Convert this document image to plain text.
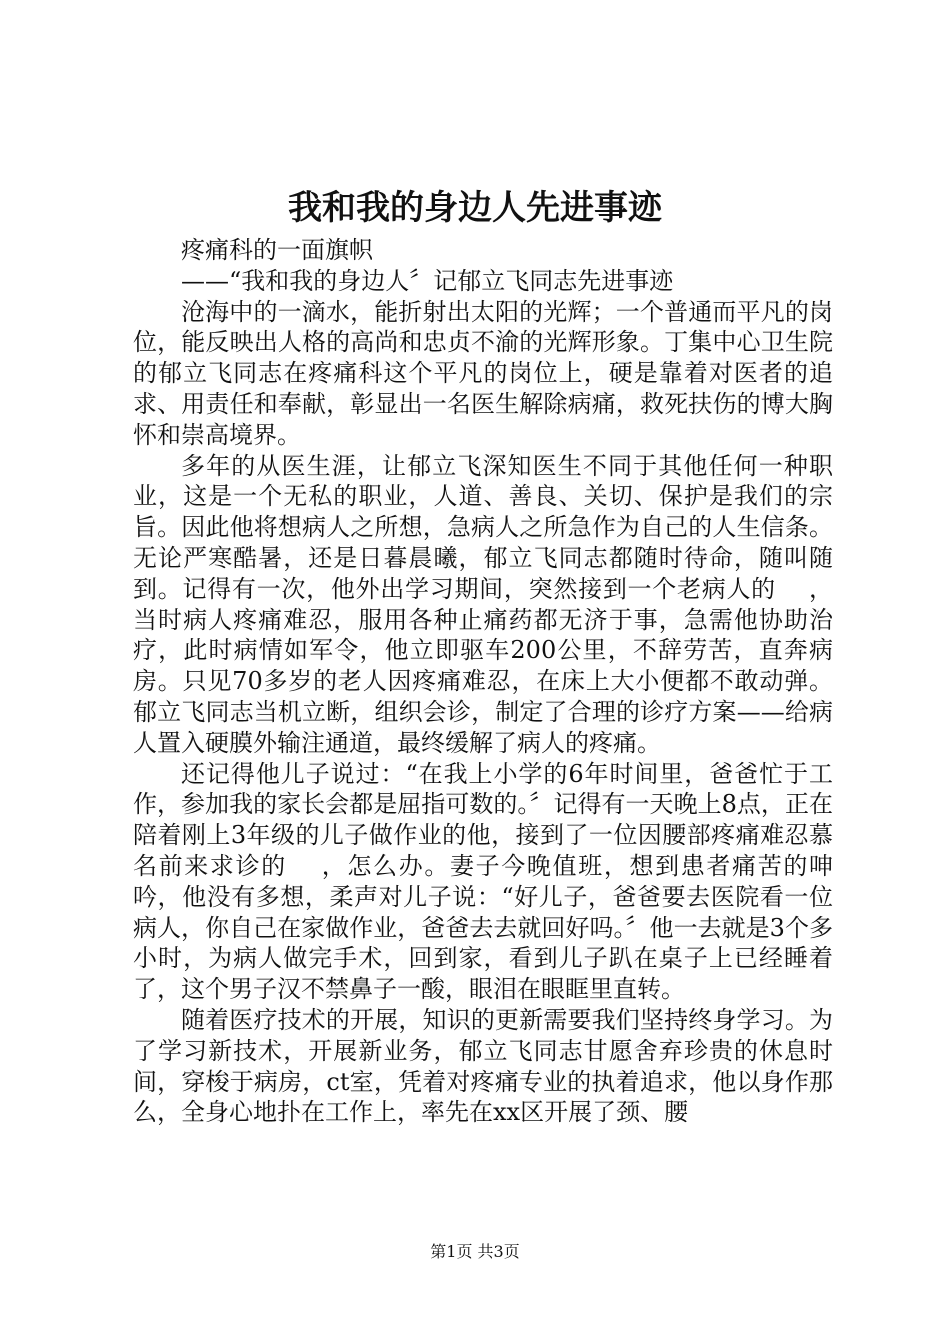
我和我的身边人先进事迹
疼痛科的一面旗帜
——“我和我的身边人〞记郁立飞同志先进事迹

沧海中的一滴水，能折射出太阳的光辉；一个普通而平凡的岗位，能反映出人格的高尚和忠贞不渝的光辉形象。丁集中心卫生院的郁立飞同志在疼痛科这个平凡的岗位上，硬是靠着对医者的追求、用责任和奉献，彰显出一名医生解除病痛，救死扶伤的博大胸怀和崇高境界。

多年的从医生涯，让郁立飞深知医生不同于其他任何一种职业，这是一个无私的职业，人道、善良、关切、保护是我们的宗旨。因此他将想病人之所想，急病人之所急作为自己的人生信条。无论严寒酷暑，还是日暮晨曦，郁立飞同志都随时待命，随叫随到。记得有一次，他外出学习期间，突然接到一个老病人的　 ，当时病人疼痛难忍，服用各种止痛药都无济于事，急需他协助治疗，此时病情如军令，他立即驱车200公里，不辞劳苦，直奔病房。只见70多岁的老人因疼痛难忍，在床上大小便都不敢动弹。郁立飞同志当机立断，组织会诊，制定了合理的诊疗方案——给病人置入硬膜外输注通道，最终缓解了病人的疼痛。

还记得他儿子说过：“在我上小学的6年时间里，爸爸忙于工作，参加我的家长会都是屈指可数的。〞记得有一天晚上8点，正在陪着刚上3年级的儿子做作业的他，接到了一位因腰部疼痛难忍慕名前来求诊的　 ，怎么办。妻子今晚值班，想到患者痛苦的呻吟，他没有多想，柔声对儿子说：“好儿子，爸爸要去医院看一位病人，你自己在家做作业，爸爸去去就回好吗。〞他一去就是3个多小时，为病人做完手术，回到家，看到儿子趴在桌子上已经睡着了，这个男子汉不禁鼻子一酸，眼泪在眼眶里直转。

随着医疗技术的开展，知识的更新需要我们坚持终身学习。为了学习新技术，开展新业务，郁立飞同志甘愿舍弃珍贵的休息时间，穿梭于病房，ct室，凭着对疼痛专业的执着追求，他以身作那么，全身心地扑在工作上，率先在xx区开展了颈、腰

第1页 共3页
